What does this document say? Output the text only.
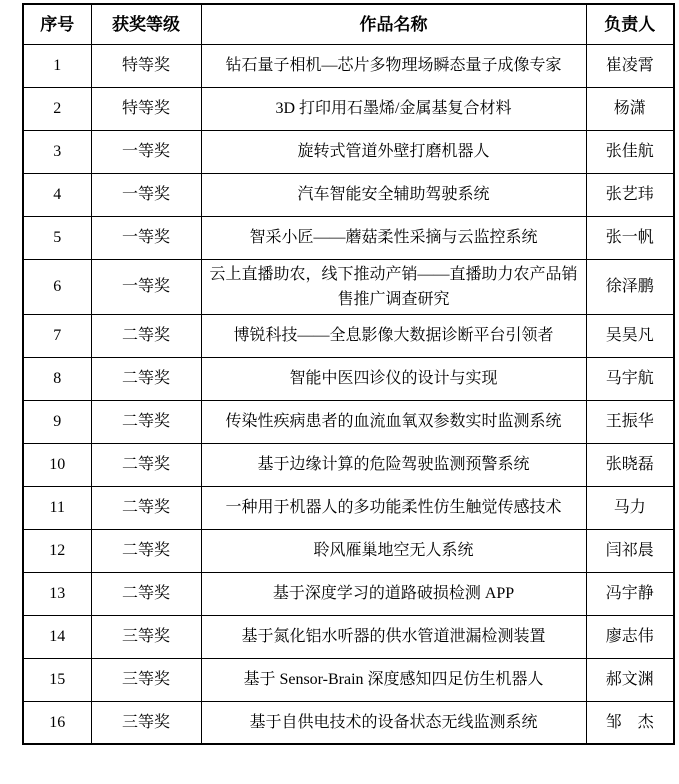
序号	获奖等级	作品名称	负责人
1	特等奖	钻石量子相机—芯片多物理场瞬态量子成像专家	崔凌霄
2	特等奖	3D 打印用石墨烯/金属基复合材料	杨潇
3	一等奖	旋转式管道外壁打磨机器人	张佳航
4	一等奖	汽车智能安全辅助驾驶系统	张艺玮
5	一等奖	智采小匠——蘑菇柔性采摘与云监控系统	张一帆
6	一等奖	云上直播助农，线下推动产销——直播助力农产品销售推广调查研究	徐泽鹏
7	二等奖	博锐科技——全息影像大数据诊断平台引领者	吴昊凡
8	二等奖	智能中医四诊仪的设计与实现	马宇航
9	二等奖	传染性疾病患者的血流血氧双参数实时监测系统	王振华
10	二等奖	基于边缘计算的危险驾驶监测预警系统	张晓磊
11	二等奖	一种用于机器人的多功能柔性仿生触觉传感技术	马力
12	二等奖	聆风雁巢地空无人系统	闫祁晨
13	二等奖	基于深度学习的道路破损检测 APP	冯宇静
14	三等奖	基于氮化铝水听器的供水管道泄漏检测装置	廖志伟
15	三等奖	基于 Sensor-Brain 深度感知四足仿生机器人	郝文渊
16	三等奖	基于自供电技术的设备状态无线监测系统	邹　杰
